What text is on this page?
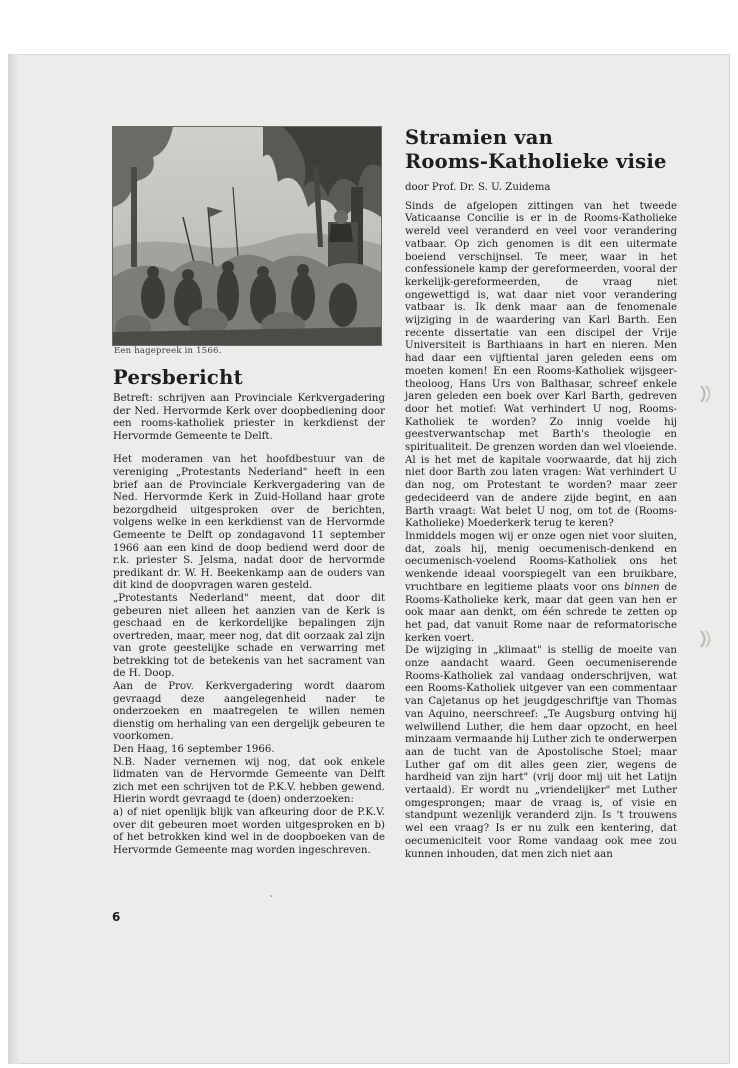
Een hagepreek in 1566.
Persbericht

Betreft: schrijven aan Provinciale Kerkvergadering der Ned. Hervormde Kerk over doopbediening door een rooms-katholiek priester in kerkdienst der Hervormde Gemeente te Delft.

Het moderamen van het hoofdbestuur van de vereniging „Protestants Nederland" heeft in een brief aan de Provinciale Kerkvergadering van de Ned. Hervormde Kerk in Zuid-Holland haar grote bezorgdheid uitgesproken over de berichten, volgens welke in een kerkdienst van de Hervormde Gemeente te Delft op zondagavond 11 september 1966 aan een kind de doop bediend werd door de r.k. priester S. Jelsma, nadat door de hervormde predikant dr. W. H. Beekenkamp aan de ouders van dit kind de doopvragen waren gesteld.

„Protestants Nederland" meent, dat door dit gebeuren niet alleen het aanzien van de Kerk is geschaad en de kerkordelijke bepalingen zijn overtreden, maar, meer nog, dat dit oorzaak zal zijn van grote geestelijke schade en verwarring met betrekking tot de betekenis van het sacrament van de H. Doop.

Aan de Prov. Kerkvergadering wordt daarom gevraagd deze aangelegenheid nader te onderzoeken en maatregelen te willen nemen dienstig om herhaling van een dergelijk gebeuren te voorkomen.

Den Haag, 16 september 1966.

N.B. Nader vernemen wij nog, dat ook enkele lidmaten van de Hervormde Gemeente van Delft zich met een schrijven tot de P.K.V. hebben gewend. Hierin wordt gevraagd te (doen) onderzoeken:

a) of niet openlijk blijk van afkeuring door de P.K.V. over dit gebeuren moet worden uitgesproken en b) of het betrokken kind wel in de doopboeken van de Hervormde Gemeente mag worden ingeschreven.

Stramien van
Rooms-Katholieke visie
door Prof. Dr. S. U. Zuidema

Sinds de afgelopen zittingen van het tweede Vaticaanse Concilie is er in de Rooms-Katholieke wereld veel veranderd en veel voor verandering vatbaar. Op zich genomen is dit een uitermate boeiend verschijnsel. Te meer, waar in het confessionele kamp der gereformeerden, vooral der kerkelijk-gereformeerden, de vraag niet ongewettigd is, wat daar niet voor verandering vatbaar is. Ik denk maar aan de fenomenale wijziging in de waardering van Karl Barth. Een recente dissertatie van een discipel der Vrije Universiteit is Barthiaans in hart en nieren. Men had daar een vijftiental jaren geleden eens om moeten komen! En een Rooms-Katholiek wijsgeer-theoloog, Hans Urs von Balthasar, schreef enkele jaren geleden een boek over Karl Barth, gedreven door het motief: Wat verhindert U nog, Rooms-Katholiek te worden? Zo innig voelde hij geestverwantschap met Barth's theologie en spiritualiteit. De grenzen worden dan wel vloeiende. Al is het met de kapitale voorwaarde, dat hij zich niet door Barth zou laten vragen: Wat verhindert U dan nog, om Protestant te worden? maar zeer gedecideerd van de andere zijde begint, en aan Barth vraagt: Wat belet U nog, om tot de (Rooms-Katholieke) Moederkerk terug te keren?

Inmiddels mogen wij er onze ogen niet voor sluiten, dat, zoals hij, menig oecumenisch-denkend en oecumenisch-voelend Rooms-Katholiek ons het wenkende ideaal voorspiegelt van een bruikbare, vruchtbare en legitieme plaats voor ons binnen de Rooms-Katholieke kerk, maar dat geen van hen er ook maar aan denkt, om één schrede te zetten op het pad, dat vanuit Rome naar de reformatorische kerken voert.

De wijziging in „klimaat" is stellig de moeite van onze aandacht waard. Geen oecumeniserende Rooms-Katholiek zal vandaag onderschrijven, wat een Rooms-Katholiek uitgever van een commentaar van Cajetanus op het jeugdgeschriftje van Thomas van Aquino, neerschreef: „Te Augsburg ontving hij welwillend Luther, die hem daar opzocht, en heel minzaam vermaande hij Luther zich te onderwerpen aan de tucht van de Apostolische Stoel; maar Luther gaf om dit alles geen zier, wegens de hardheid van zijn hart" (vrij door mij uit het Latijn vertaald). Er wordt nu „vriendelijker" met Luther omgesprongen; maar de vraag is, of visie en standpunt wezenlijk veranderd zijn. Is 't trouwens wel een vraag? Is er nu zulk een kentering, dat oecumeniciteit voor Rome vandaag ook mee zou kunnen inhouden, dat men zich niet aan

˛
6
